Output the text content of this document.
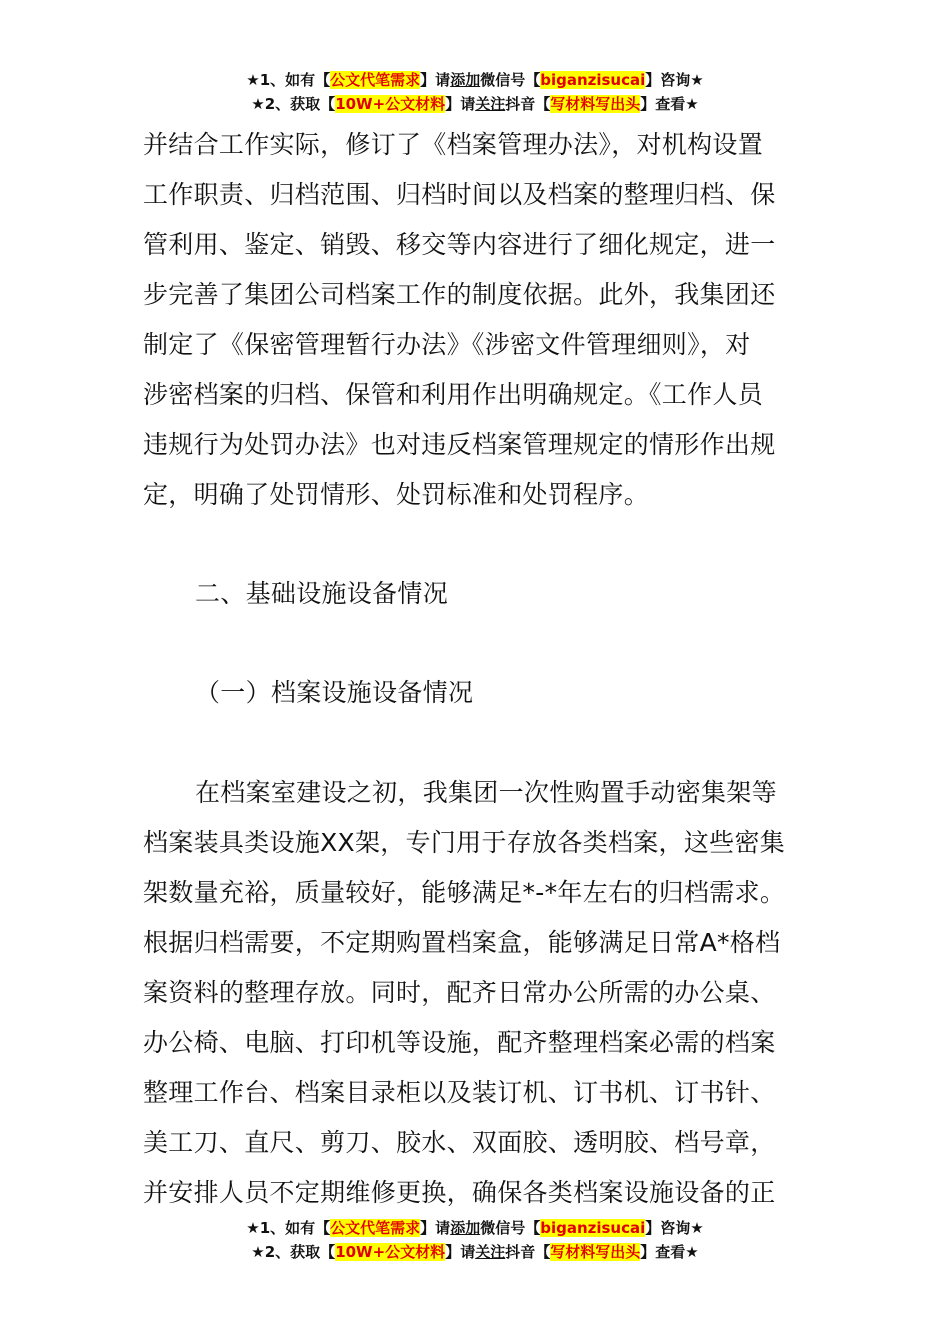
★1、如有【公文代笔需求】请添加微信号【biganzisucai】咨询★
★2、获取【10W+公文材料】请关注抖音【写材料写出头】查看★
并结合工作实际，修订了《档案管理办法》，对机构设置
工作职责、归档范围、归档时间以及档案的整理归档、保
管利用、鉴定、销毁、移交等内容进行了细化规定，进一
步完善了集团公司档案工作的制度依据。此外，我集团还
制定了《保密管理暂行办法》《涉密文件管理细则》，对
涉密档案的归档、保管和利用作出明确规定。《工作人员
违规行为处罚办法》也对违反档案管理规定的情形作出规
定，明确了处罚情形、处罚标准和处罚程序。
二、基础设施设备情况
（一）档案设施设备情况
在档案室建设之初，我集团一次性购置手动密集架等
档案装具类设施XX架，专门用于存放各类档案，这些密集
架数量充裕，质量较好，能够满足*-*年左右的归档需求。
根据归档需要，不定期购置档案盒，能够满足日常A*格档
案资料的整理存放。同时，配齐日常办公所需的办公桌、
办公椅、电脑、打印机等设施，配齐整理档案必需的档案
整理工作台、档案目录柜以及装订机、订书机、订书针、
美工刀、直尺、剪刀、胶水、双面胶、透明胶、档号章，
并安排人员不定期维修更换，确保各类档案设施设备的正
★1、如有【公文代笔需求】请添加微信号【biganzisucai】咨询★
★2、获取【10W+公文材料】请关注抖音【写材料写出头】查看★
